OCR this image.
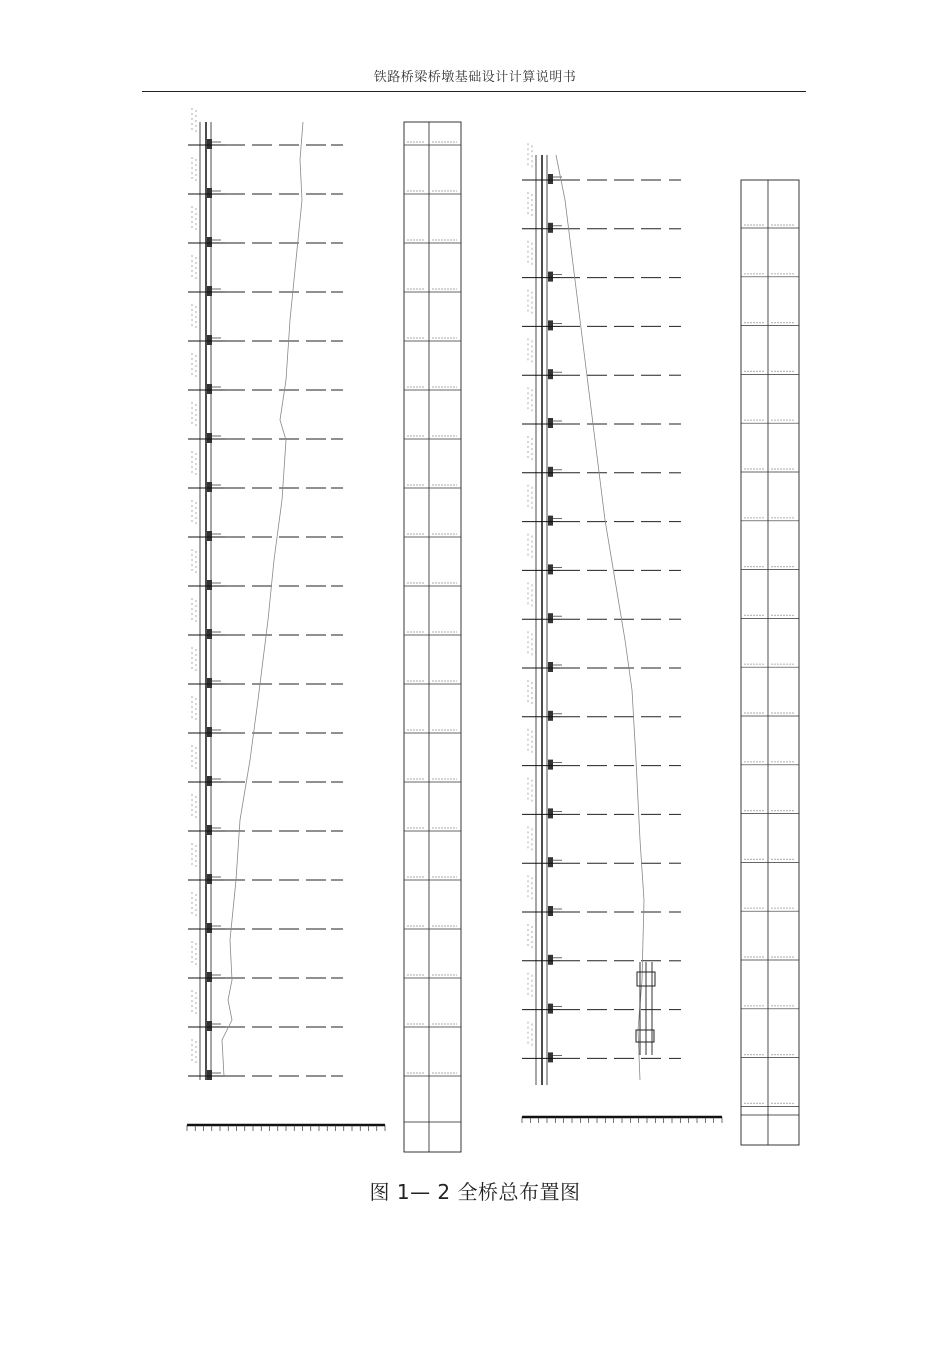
铁路桥梁桥墩基础设计计算说明书
图 1— 2 全桥总布置图
